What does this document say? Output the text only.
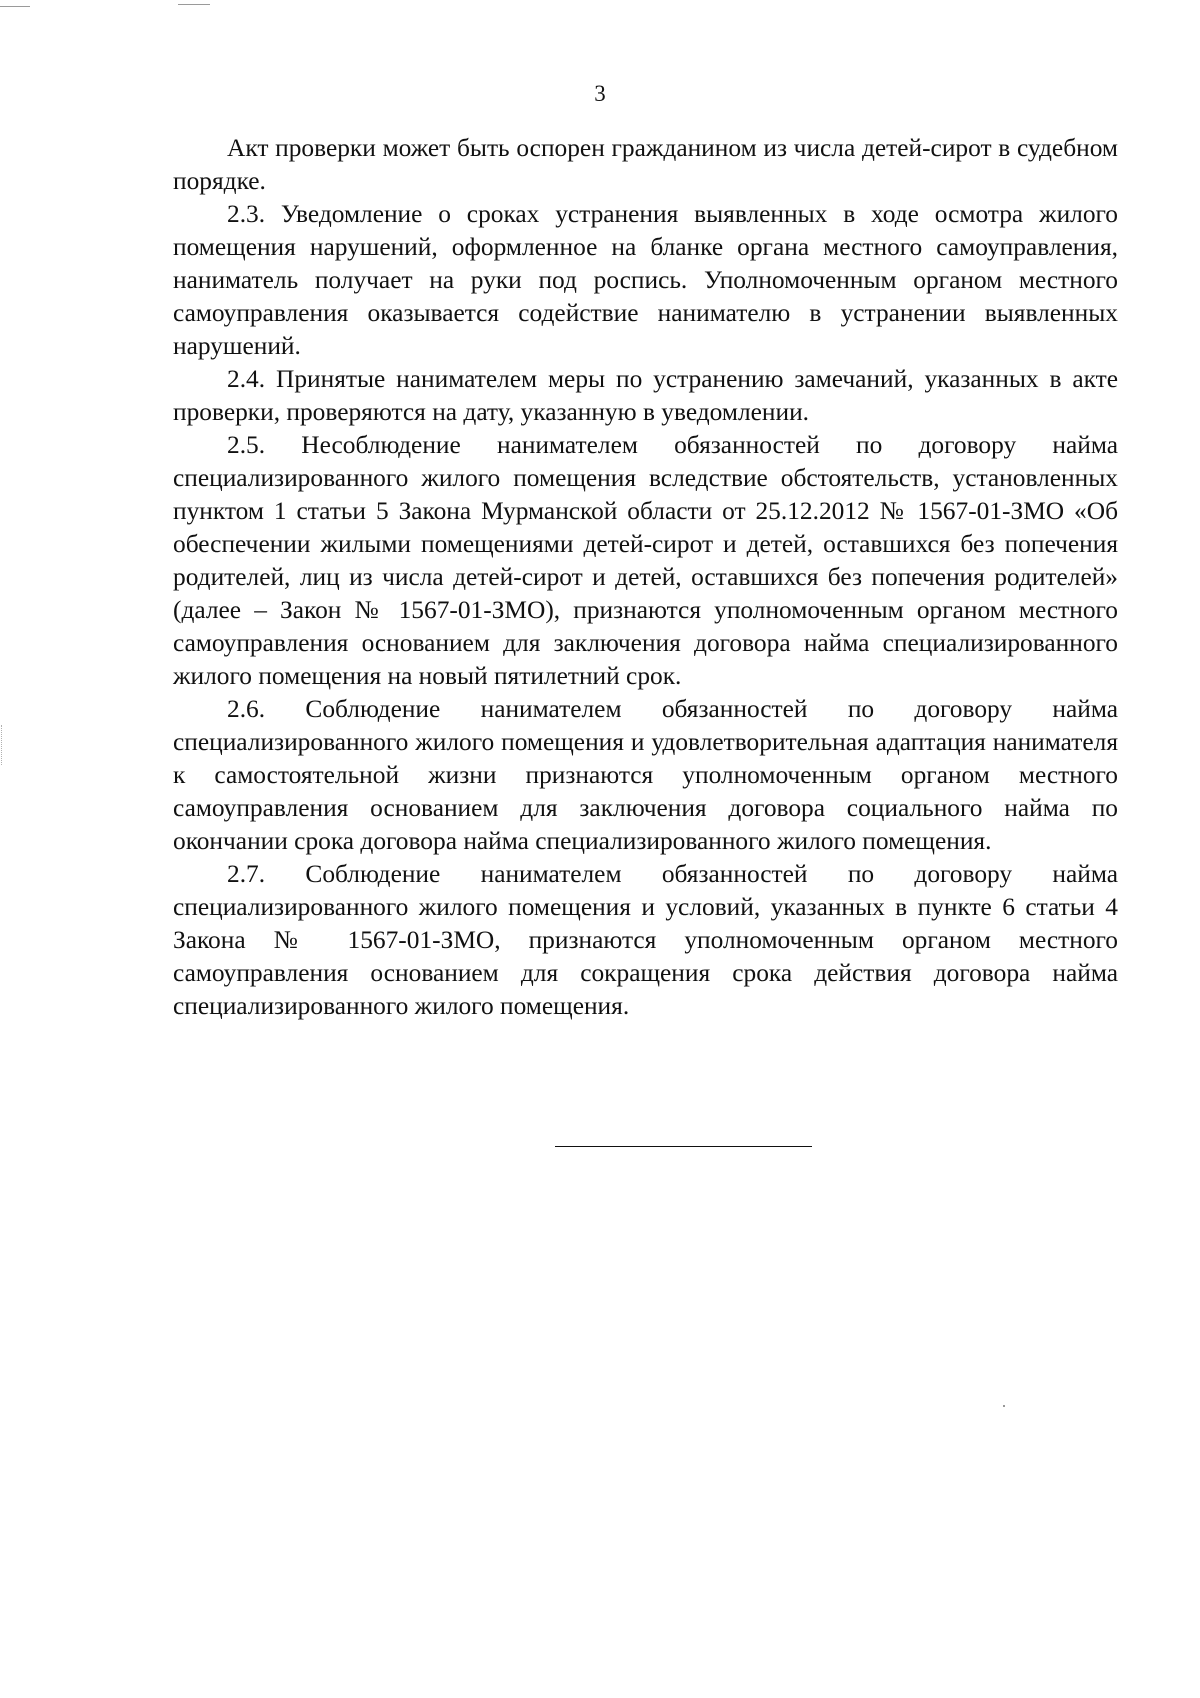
3

Акт проверки может быть оспорен гражданином из числа детей-сирот в судебном порядке.

2.3. Уведомление о сроках устранения выявленных в ходе осмотра жилого помещения нарушений, оформленное на бланке органа местного самоуправления, наниматель получает на руки под роспись. Уполномоченным органом местного самоуправления оказывается содействие нанимателю в устранении выявленных нарушений.

2.4. Принятые нанимателем меры по устранению замечаний, указанных в акте проверки, проверяются на дату, указанную в уведомлении.

2.5. Несоблюдение нанимателем обязанностей по договору найма специализированного жилого помещения вследствие обстоятельств, установленных пунктом 1 статьи 5 Закона Мурманской области от 25.12.2012 № 1567-01-ЗМО «Об обеспечении жилыми помещениями детей-сирот и детей, оставшихся без попечения родителей, лиц из числа детей-сирот и детей, оставшихся без попечения родителей» (далее – Закон № 1567-01-ЗМО), признаются уполномоченным органом местного самоуправления основанием для заключения договора найма специализированного жилого помещения на новый пятилетний срок.

2.6. Соблюдение нанимателем обязанностей по договору найма специализированного жилого помещения и удовлетворительная адаптация нанимателя к самостоятельной жизни признаются уполномоченным органом местного самоуправления основанием для заключения договора социального найма по окончании срока договора найма специализированного жилого помещения.

2.7. Соблюдение нанимателем обязанностей по договору найма специализированного жилого помещения и условий, указанных в пункте 6 статьи 4 Закона № 1567-01-ЗМО, признаются уполномоченным органом местного самоуправления основанием для сокращения срока действия договора найма специализированного жилого помещения.
